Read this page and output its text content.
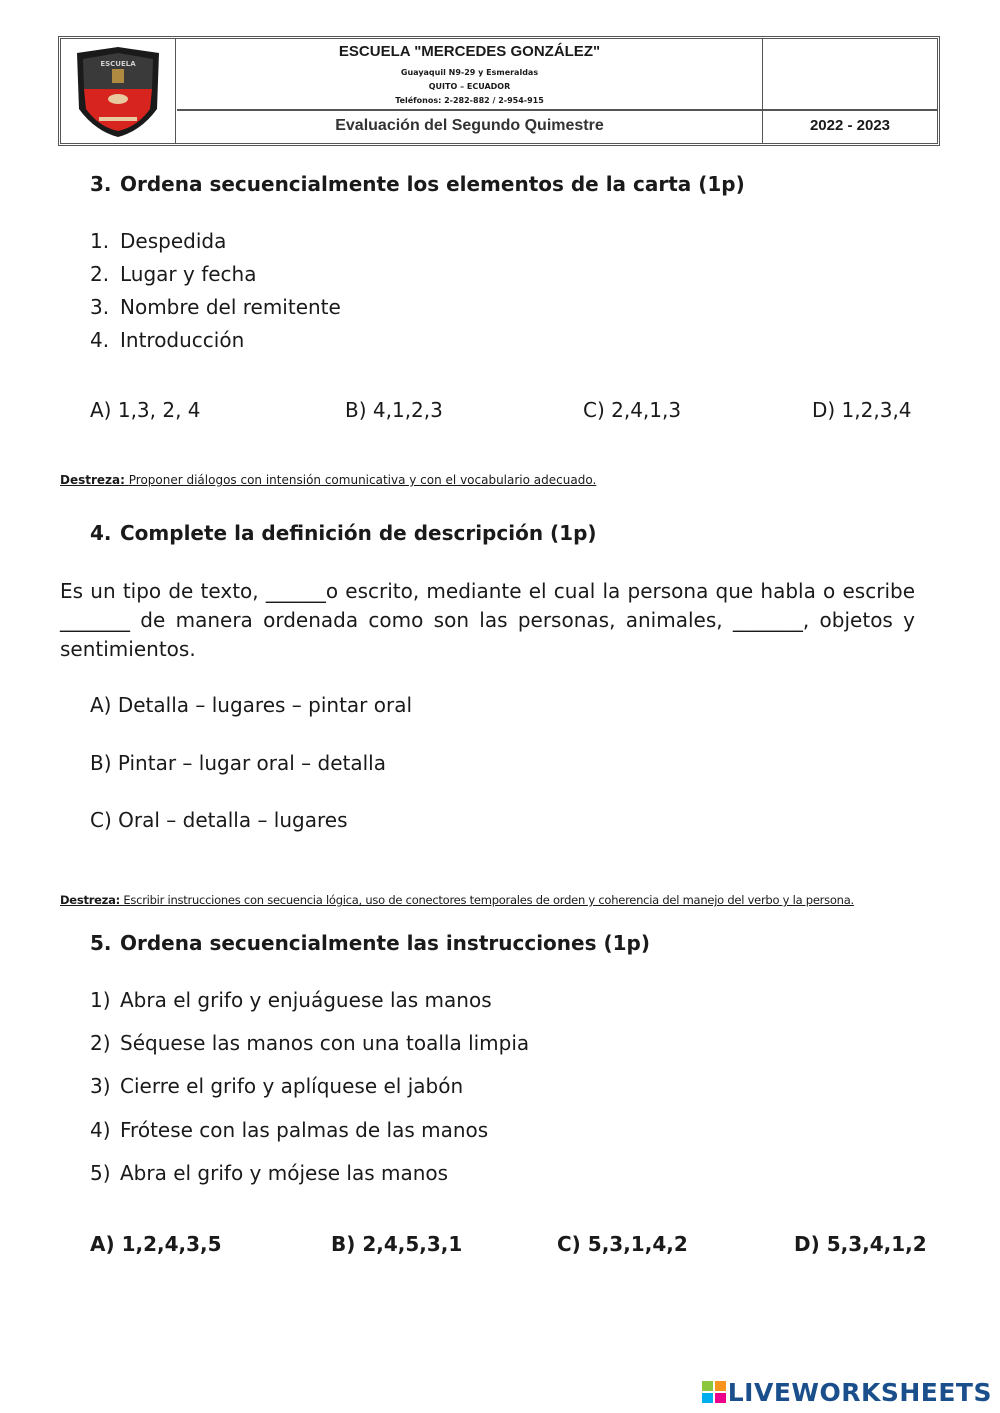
ESCUELA
ESCUELA "MERCEDES GONZÁLEZ"
Guayaquil N9-29 y Esmeraldas
QUITO – ECUADOR
Teléfonos: 2-282-882 / 2-954-915
Evaluación del Segundo Quimestre	2022 - 2023
3. Ordena secuencialmente los elementos de la carta (1p)
1. Despedida
2. Lugar y fecha
3. Nombre del remitente
4. Introducción
A) 1,3, 2, 4	B) 4,1,2,3	C) 2,4,1,3	D) 1,2,3,4
Destreza: Proponer diálogos con intensión comunicativa y con el vocabulario adecuado.
4. Complete la definición de descripción (1p)
Es un tipo de texto, ______o escrito, mediante el cual la persona que habla o escribe _______ de manera ordenada como son las personas, animales, _______, objetos y sentimientos.
A) Detalla – lugares – pintar oral
B) Pintar – lugar oral – detalla
C) Oral – detalla – lugares
Destreza: Escribir instrucciones con secuencia lógica, uso de conectores temporales de orden y coherencia del manejo del verbo y la persona.
5. Ordena secuencialmente las instrucciones (1p)
1) Abra el grifo y enjuáguese las manos
2) Séquese las manos con una toalla limpia
3) Cierre el grifo y aplíquese el jabón
4) Frótese con las palmas de las manos
5) Abra el grifo y mójese las manos
A) 1,2,4,3,5	B) 2,4,5,3,1	C) 5,3,1,4,2	D) 5,3,4,1,2
LIVEWORKSHEETS
